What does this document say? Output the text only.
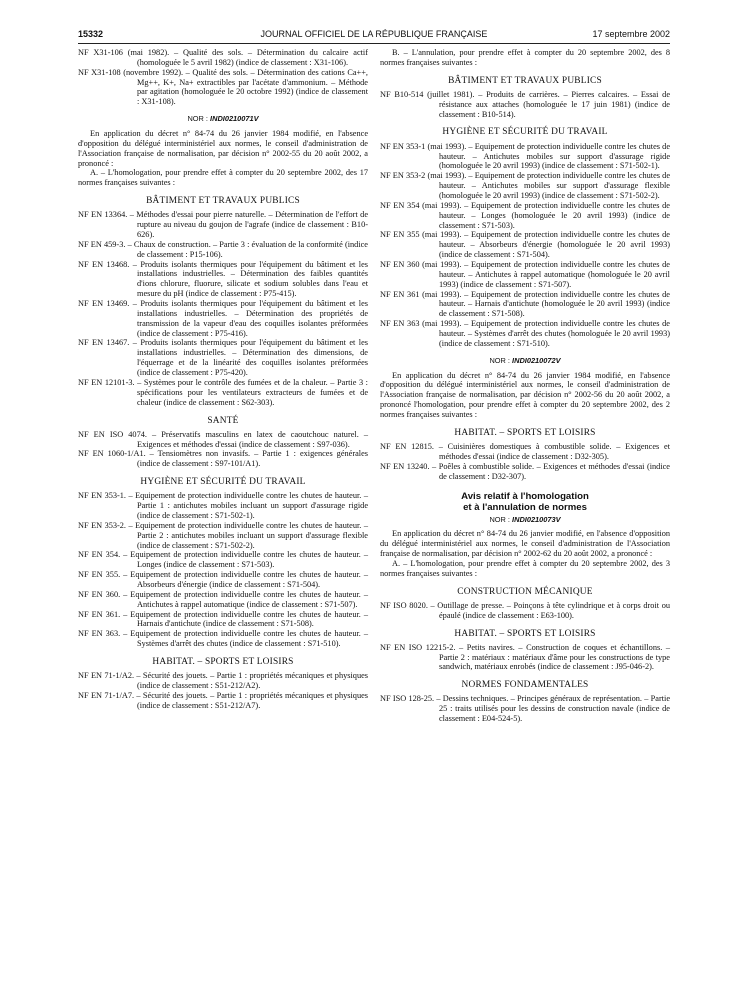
15332	JOURNAL OFFICIEL DE LA RÉPUBLIQUE FRANÇAISE	17 septembre 2002

NF X31-106 (mai 1982). – Qualité des sols. – Détermination du calcaire actif (homologuée le 5 avril 1982) (indice de classement : X31-106).

NF X31-108 (novembre 1992). – Qualité des sols. – Détermination des cations Ca++, Mg++, K+, Na+ extractibles par l'acétate d'ammonium. – Méthode par agitation (homologuée le 20 octobre 1992) (indice de classement : X31-108).

NOR : INDI0210071V

En application du décret n° 84-74 du 26 janvier 1984 modifié, en l'absence d'opposition du délégué interministériel aux normes, le conseil d'administration de l'Association française de normalisation, par décision n° 2002-55 du 20 août 2002, a prononcé :

A. – L'homologation, pour prendre effet à compter du 20 septembre 2002, des 17 normes françaises suivantes :

BÂTIMENT ET TRAVAUX PUBLICS

NF EN 13364. – Méthodes d'essai pour pierre naturelle. – Détermination de l'effort de rupture au niveau du goujon de l'agrafe (indice de classement : B10-626).

NF EN 459-3. – Chaux de construction. – Partie 3 : évaluation de la conformité (indice de classement : P15-106).

NF EN 13468. – Produits isolants thermiques pour l'équipement du bâtiment et les installations industrielles. – Détermination des faibles quantités d'ions chlorure, fluorure, silicate et sodium solubles dans l'eau et mesure du pH (indice de classement : P75-415).

NF EN 13469. – Produits isolants thermiques pour l'équipement du bâtiment et les installations industrielles. – Détermination des propriétés de transmission de la vapeur d'eau des coquilles isolantes préformées (indice de classement : P75-416).

NF EN 13467. – Produits isolants thermiques pour l'équipement du bâtiment et les installations industrielles. – Détermination des dimensions, de l'équerrage et de la linéarité des coquilles isolantes préformées (indice de classement : P75-420).

NF EN 12101-3. – Systèmes pour le contrôle des fumées et de la chaleur. – Partie 3 : spécifications pour les ventilateurs extracteurs de fumées et de chaleur (indice de classement : S62-303).

SANTÉ

NF EN ISO 4074. – Préservatifs masculins en latex de caoutchouc naturel. – Exigences et méthodes d'essai (indice de classement : S97-036).

NF EN 1060-1/A1. – Tensiomètres non invasifs. – Partie 1 : exigences générales (indice de classement : S97-101/A1).

HYGIÈNE ET SÉCURITÉ DU TRAVAIL

NF EN 353-1. – Equipement de protection individuelle contre les chutes de hauteur. – Partie 1 : antichutes mobiles incluant un support d'assurage rigide (indice de classement : S71-502-1).

NF EN 353-2. – Equipement de protection individuelle contre les chutes de hauteur. – Partie 2 : antichutes mobiles incluant un support d'assurage flexible (indice de classement : S71-502-2).

NF EN 354. – Equipement de protection individuelle contre les chutes de hauteur. – Longes (indice de classement : S71-503).

NF EN 355. – Equipement de protection individuelle contre les chutes de hauteur. – Absorbeurs d'énergie (indice de classement : S71-504).

NF EN 360. – Equipement de protection individuelle contre les chutes de hauteur. – Antichutes à rappel automatique (indice de classement : S71-507).

NF EN 361. – Equipement de protection individuelle contre les chutes de hauteur. – Harnais d'antichute (indice de classement : S71-508).

NF EN 363. – Equipement de protection individuelle contre les chutes de hauteur. – Systèmes d'arrêt des chutes (indice de classement : S71-510).

HABITAT. – SPORTS ET LOISIRS

NF EN 71-1/A2. – Sécurité des jouets. – Partie 1 : propriétés mécaniques et physiques (indice de classement : S51-212/A2).

NF EN 71-1/A7. – Sécurité des jouets. – Partie 1 : propriétés mécaniques et physiques (indice de classement : S51-212/A7).

B. – L'annulation, pour prendre effet à compter du 20 septembre 2002, des 8 normes françaises suivantes :

BÂTIMENT ET TRAVAUX PUBLICS

NF B10-514 (juillet 1981). – Produits de carrières. – Pierres calcaires. – Essai de résistance aux attaches (homologuée le 17 juin 1981) (indice de classement : B10-514).

HYGIÈNE ET SÉCURITÉ DU TRAVAIL

NF EN 353-1 (mai 1993). – Equipement de protection individuelle contre les chutes de hauteur. – Antichutes mobiles sur support d'assurage rigide (homologuée le 20 avril 1993) (indice de classement : S71-502-1).

NF EN 353-2 (mai 1993). – Equipement de protection individuelle contre les chutes de hauteur. – Antichutes mobiles sur support d'assurage flexible (homologuée le 20 avril 1993) (indice de classement : S71-502-2).

NF EN 354 (mai 1993). – Equipement de protection individuelle contre les chutes de hauteur. – Longes (homologuée le 20 avril 1993) (indice de classement : S71-503).

NF EN 355 (mai 1993). – Equipement de protection individuelle contre les chutes de hauteur. – Absorbeurs d'énergie (homologuée le 20 avril 1993) (indice de classement : S71-504).

NF EN 360 (mai 1993). – Equipement de protection individuelle contre les chutes de hauteur. – Antichutes à rappel automatique (homologuée le 20 avril 1993) (indice de classement : S71-507).

NF EN 361 (mai 1993). – Equipement de protection individuelle contre les chutes de hauteur. – Harnais d'antichute (homologuée le 20 avril 1993) (indice de classement : S71-508).

NF EN 363 (mai 1993). – Equipement de protection individuelle contre les chutes de hauteur. – Systèmes d'arrêt des chutes (homologuée le 20 avril 1993) (indice de classement : S71-510).

NOR : INDI0210072V

En application du décret n° 84-74 du 26 janvier 1984 modifié, en l'absence d'opposition du délégué interministériel aux normes, le conseil d'administration de l'Association française de normalisation, par décision n° 2002-56 du 20 août 2002, a prononcé l'homologation, pour prendre effet à compter du 20 septembre 2002, des 2 normes françaises suivantes :

HABITAT. – SPORTS ET LOISIRS

NF EN 12815. – Cuisinières domestiques à combustible solide. – Exigences et méthodes d'essai (indice de classement : D32-305).

NF EN 13240. – Poêles à combustible solide. – Exigences et méthodes d'essai (indice de classement : D32-307).

Avis relatif à l'homologation
et à l'annulation de normes
NOR : INDI0210073V

En application du décret n° 84-74 du 26 janvier modifié, en l'absence d'opposition du délégué interministériel aux normes, le conseil d'administration de l'Association française de normalisation, par décision n° 2002-62 du 20 août 2002, a prononcé :

A. – L'homologation, pour prendre effet à compter du 20 septembre 2002, des 3 normes françaises suivantes :

CONSTRUCTION MÉCANIQUE

NF ISO 8020. – Outillage de presse. – Poinçons à tête cylindrique et à corps droit ou épaulé (indice de classement : E63-100).

HABITAT. – SPORTS ET LOISIRS

NF EN ISO 12215-2. – Petits navires. – Construction de coques et échantillons. – Partie 2 : matériaux : matériaux d'âme pour les constructions de type sandwich, matériaux enrobés (indice de classement : J95-046-2).

NORMES FONDAMENTALES

NF ISO 128-25. – Dessins techniques. – Principes généraux de représentation. – Partie 25 : traits utilisés pour les dessins de construction navale (indice de classement : E04-524-5).
